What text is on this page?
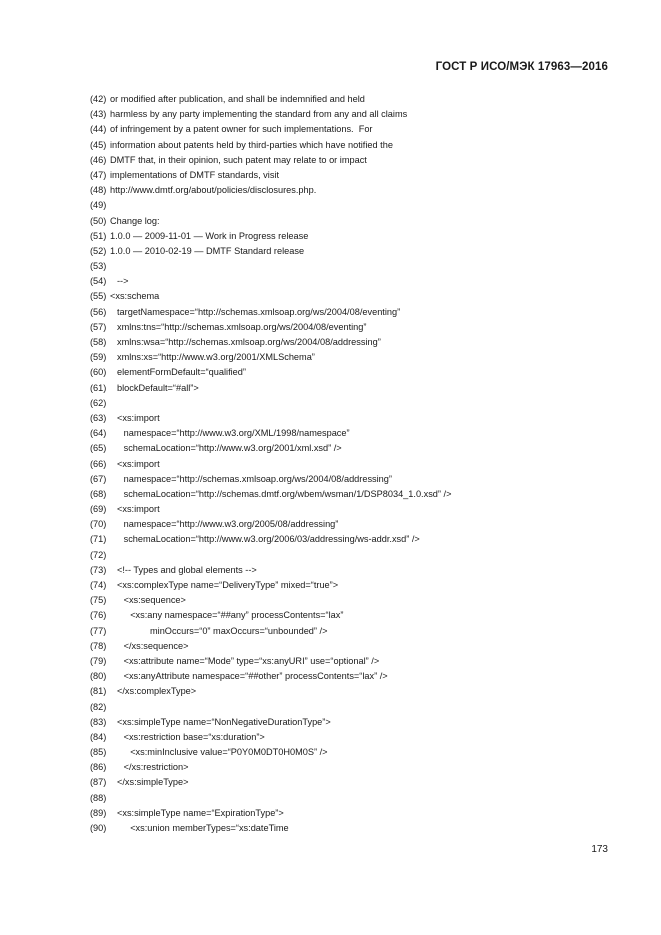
ГОСТ Р ИСО/МЭК 17963—2016
(42) or modified after publication, and shall be indemnified and held
(43) harmless by any party implementing the standard from any and all claims
(44) of infringement by a patent owner for such implementations.  For
(45) information about patents held by third-parties which have notified the
(46) DMTF that, in their opinion, such patent may relate to or impact
(47) implementations of DMTF standards, visit
(48) http://www.dmtf.org/about/policies/disclosures.php.
(49)
(50) Change log:
(51) 1.0.0 — 2009-11-01 — Work in Progress release
(52) 1.0.0 — 2010-02-19 — DMTF Standard release
(53)
(54) -->
(55) <xs:schema
(56) targetNamespace=“http://schemas.xmlsoap.org/ws/2004/08/eventing”
(57) xmlns:tns=“http://schemas.xmlsoap.org/ws/2004/08/eventing”
(58) xmlns:wsa=“http://schemas.xmlsoap.org/ws/2004/08/addressing”
(59) xmlns:xs=“http://www.w3.org/2001/XMLSchema”
(60) elementFormDefault=“qualified”
(61) blockDefault=“#all”>
(62)
(63) <xs:import
(64) namespace=“http://www.w3.org/XML/1998/namespace”
(65) schemaLocation=“http://www.w3.org/2001/xml.xsd” />
(66) <xs:import
(67) namespace=“http://schemas.xmlsoap.org/ws/2004/08/addressing”
(68) schemaLocation=“http://schemas.dmtf.org/wbem/wsman/1/DSP8034_1.0.xsd” />
(69) <xs:import
(70) namespace=“http://www.w3.org/2005/08/addressing”
(71) schemaLocation=“http://www.w3.org/2006/03/addressing/ws-addr.xsd” />
(72)
(73) <!-- Types and global elements -->
(74) <xs:complexType name=“DeliveryType” mixed=“true”>
(75) <xs:sequence>
(76)	<xs:any namespace=“##any” processContents=“lax”
(77)	minOccurs=“0” maxOccurs=“unbounded” />
(78) </xs:sequence>
(79) <xs:attribute name=“Mode” type=“xs:anyURI” use=“optional” />
(80) <xs:anyAttribute namespace=“##other” processContents=“lax” />
(81) </xs:complexType>
(82)
(83) <xs:simpleType name=“NonNegativeDurationType”>
(84) <xs:restriction base=“xs:duration”>
(85)	<xs:minInclusive value=“P0Y0M0DT0H0M0S” />
(86) </xs:restriction>
(87) </xs:simpleType>
(88)
(89) <xs:simpleType name=“ExpirationType”>
(90)	<xs:union memberTypes=“xs:dateTime
173
